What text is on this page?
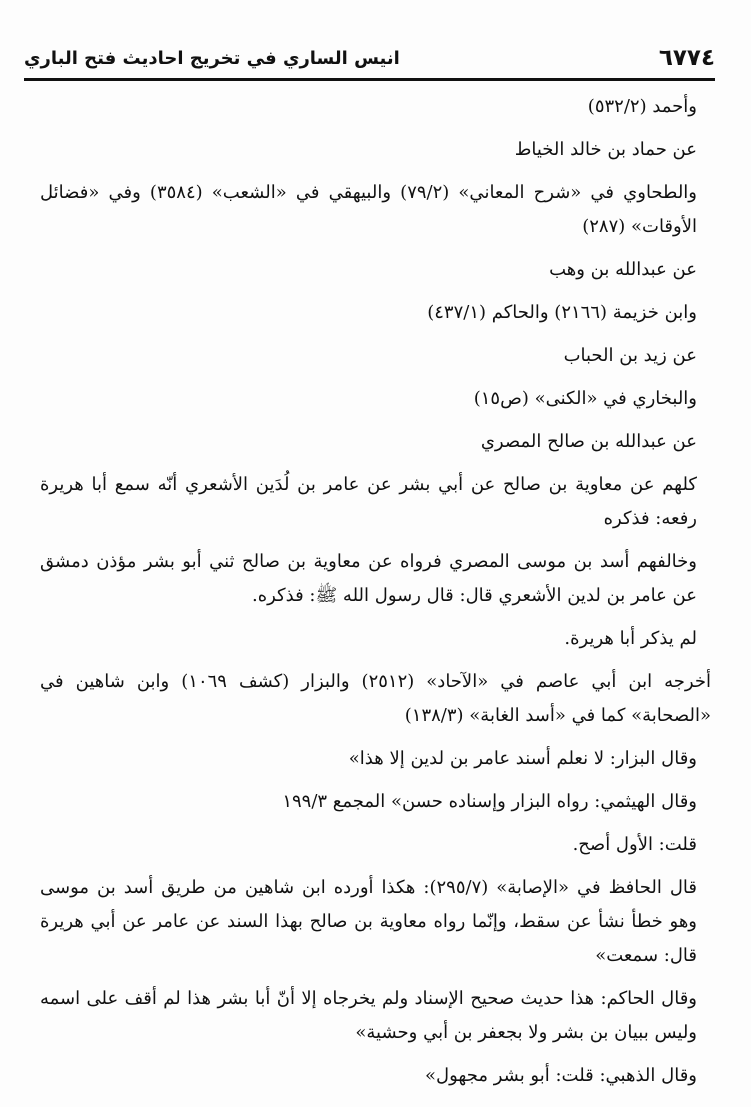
٦٧٧٤
انيس الساري في تخريج احاديث فتح الباري

وأحمد (٥٣٢/٢)

عن حماد بن خالد الخياط

والطحاوي في «شرح المعاني» (٧٩/٢) والبيهقي في «الشعب» (٣٥٨٤) وفي «فضائل الأوقات» (٢٨٧)

عن عبدالله بن وهب

وابن خزيمة (٢١٦٦) والحاكم (٤٣٧/١)

عن زيد بن الحباب

والبخاري في «الكنى» (ص١٥)

عن عبدالله بن صالح المصري

كلهم عن معاوية بن صالح عن أبي بشر عن عامر بن لُدَين الأشعري أنّه سمع أبا هريرة رفعه: فذكره

وخالفهم أسد بن موسى المصري فرواه عن معاوية بن صالح ثني أبو بشر مؤذن دمشق عن عامر بن لدين الأشعري قال: قال رسول الله ﷺ: فذكره.

لم يذكر أبا هريرة.

أخرجه ابن أبي عاصم في «الآحاد» (٢٥١٢) والبزار (كشف ١٠٦٩) وابن شاهين في «الصحابة» كما في «أسد الغابة» (١٣٨/٣)

وقال البزار: لا نعلم أسند عامر بن لدين إلا هذا»

وقال الهيثمي: رواه البزار وإسناده حسن» المجمع ١٩٩/٣

قلت: الأول أصح.

قال الحافظ في «الإصابة» (٢٩٥/٧): هكذا أورده ابن شاهين من طريق أسد بن موسى وهو خطأ نشأ عن سقط، وإنّما رواه معاوية بن صالح بهذا السند عن عامر عن أبي هريرة قال: سمعت»

وقال الحاكم: هذا حديث صحيح الإسناد ولم يخرجاه إلا أنّ أبا بشر هذا لم أقف على اسمه وليس ببيان بن بشر ولا بجعفر بن أبي وحشية»

وقال الذهبي: قلت: أبو بشر مجهول»
